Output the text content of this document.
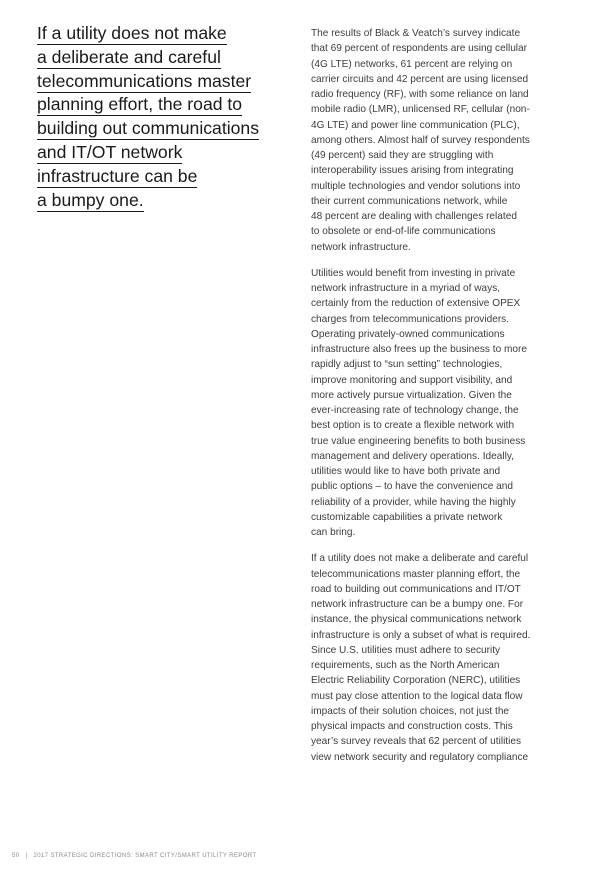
If a utility does not make
a deliberate and careful
telecommunications master
planning effort, the road to
building out communications
and IT/OT network
infrastructure can be
a bumpy one.
The results of Black & Veatch’s survey indicate
that 69 percent of respondents are using cellular
(4G LTE) networks, 61 percent are relying on
carrier circuits and 42 percent are using licensed
radio frequency (RF), with some reliance on land
mobile radio (LMR), unlicensed RF, cellular (non-
4G LTE) and power line communication (PLC),
among others. Almost half of survey respondents
(49 percent) said they are struggling with
interoperability issues arising from integrating
multiple technologies and vendor solutions into
their current communications network, while
48 percent are dealing with challenges related
to obsolete or end-of-life communications
network infrastructure.
Utilities would benefit from investing in private
network infrastructure in a myriad of ways,
certainly from the reduction of extensive OPEX
charges from telecommunications providers.
Operating privately-owned communications
infrastructure also frees up the business to more
rapidly adjust to “sun setting” technologies,
improve monitoring and support visibility, and
more actively pursue virtualization. Given the
ever-increasing rate of technology change, the
best option is to create a flexible network with
true value engineering benefits to both business
management and delivery operations. Ideally,
utilities would like to have both private and
public options – to have the convenience and
reliability of a provider, while having the highly
customizable capabilities a private network
can bring.
If a utility does not make a deliberate and careful
telecommunications master planning effort, the
road to building out communications and IT/OT
network infrastructure can be a bumpy one. For
instance, the physical communications network
infrastructure is only a subset of what is required.
Since U.S. utilities must adhere to security
requirements, such as the North American
Electric Reliability Corporation (NERC), utilities
must pay close attention to the logical data flow
impacts of their solution choices, not just the
physical impacts and construction costs. This
year’s survey reveals that 62 percent of utilities
view network security and regulatory compliance
50 | 2017 STRATEGIC DIRECTIONS: SMART CITY/SMART UTILITY REPORT
